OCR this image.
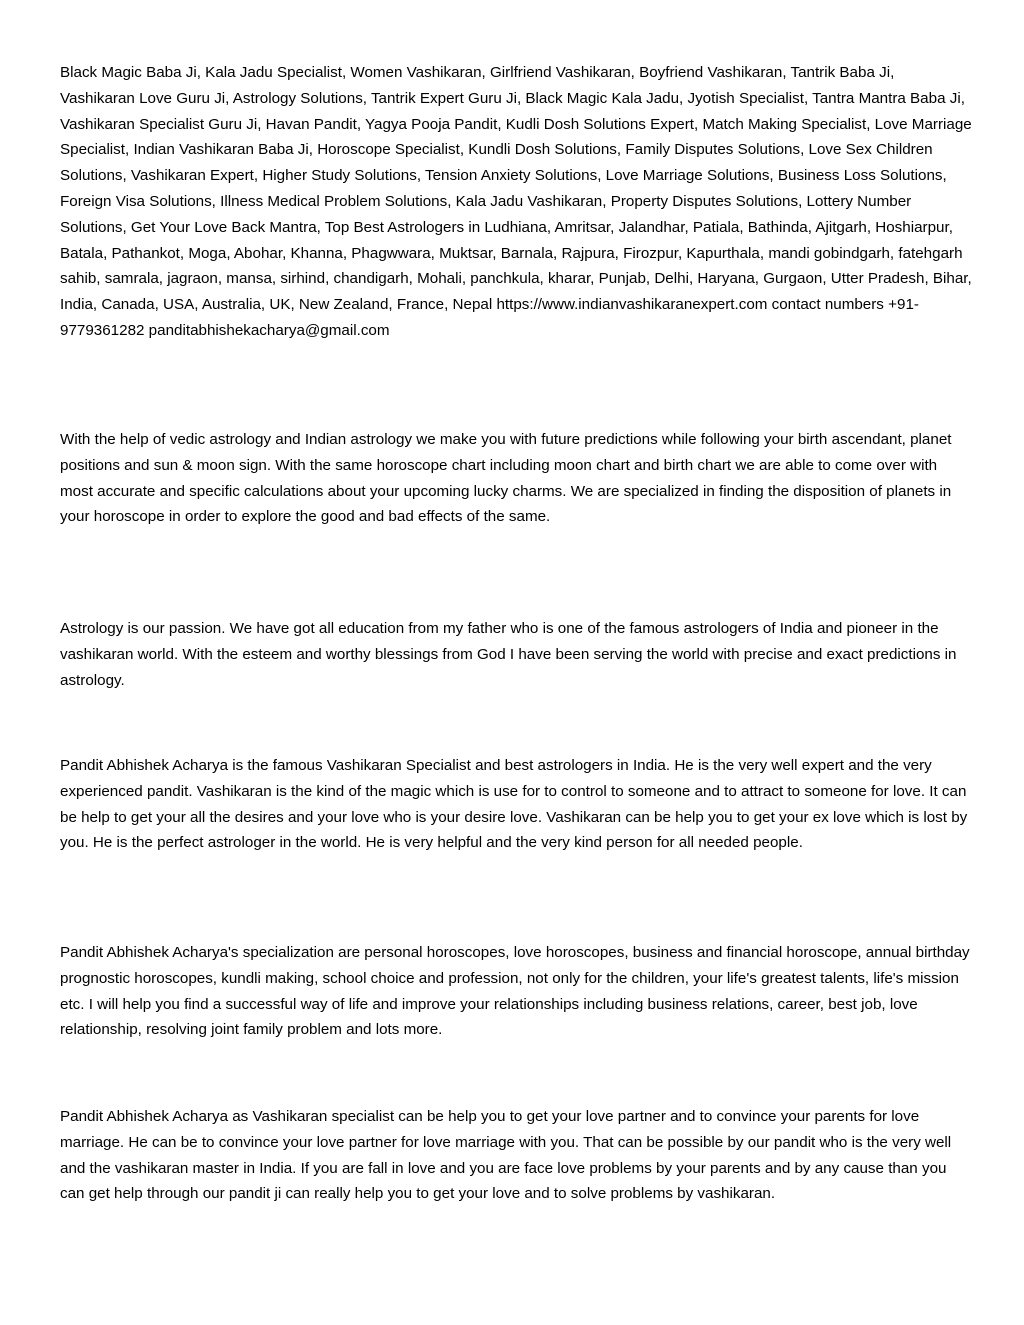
Black Magic Baba Ji, Kala Jadu Specialist, Women Vashikaran, Girlfriend Vashikaran, Boyfriend Vashikaran, Tantrik Baba Ji, Vashikaran Love Guru Ji, Astrology Solutions, Tantrik Expert Guru Ji, Black Magic Kala Jadu, Jyotish Specialist, Tantra Mantra Baba Ji, Vashikaran Specialist Guru Ji, Havan Pandit, Yagya Pooja Pandit, Kudli Dosh Solutions Expert, Match Making Specialist, Love Marriage Specialist, Indian Vashikaran Baba Ji, Horoscope Specialist, Kundli Dosh Solutions, Family Disputes Solutions, Love Sex Children Solutions, Vashikaran Expert, Higher Study Solutions, Tension Anxiety Solutions, Love Marriage Solutions, Business Loss Solutions, Foreign Visa Solutions, Illness Medical Problem Solutions, Kala Jadu Vashikaran, Property Disputes Solutions, Lottery Number Solutions, Get Your Love Back Mantra, Top Best Astrologers in Ludhiana, Amritsar, Jalandhar, Patiala, Bathinda, Ajitgarh, Hoshiarpur, Batala, Pathankot, Moga, Abohar, Khanna, Phagwwara, Muktsar, Barnala, Rajpura, Firozpur, Kapurthala, mandi gobindgarh, fatehgarh sahib, samrala, jagraon, mansa, sirhind, chandigarh, Mohali, panchkula, kharar, Punjab, Delhi, Haryana, Gurgaon, Utter Pradesh, Bihar, India, Canada, USA, Australia, UK, New Zealand, France, Nepal https://www.indianvashikaranexpert.com contact numbers +91-9779361282 panditabhishekacharya@gmail.com

With the help of vedic astrology and Indian astrology we make you with future predictions while following your birth ascendant, planet positions and sun & moon sign. With the same horoscope chart including moon chart and birth chart we are able to come over with most accurate and specific calculations about your upcoming lucky charms. We are specialized in finding the disposition of planets in your horoscope in order to explore the good and bad effects of the same.

Astrology is our passion. We have got all education from my father who is one of the famous astrologers of India and pioneer in the vashikaran world. With the esteem and worthy blessings from God I have been serving the world with precise and exact predictions in astrology.

Pandit Abhishek Acharya is the famous Vashikaran Specialist and best astrologers in India. He is the very well expert and the very experienced pandit. Vashikaran is the kind of the magic which is use for to control to someone and to attract to someone for love. It can be help to get your all the desires and your love who is your desire love. Vashikaran can be help you to get your ex love which is lost by you. He is the perfect astrologer in the world. He is very helpful and the very kind person for all needed people.

Pandit Abhishek Acharya's specialization are personal horoscopes, love horoscopes, business and financial horoscope, annual birthday prognostic horoscopes, kundli making, school choice and profession, not only for the children, your life's greatest talents, life's mission etc. I will help you find a successful way of life and improve your relationships including business relations, career, best job, love relationship, resolving joint family problem and lots more.

Pandit Abhishek Acharya as Vashikaran specialist can be help you to get your love partner and to convince your parents for love marriage. He can be to convince your love partner for love marriage with you. That can be possible by our pandit who is the very well and the vashikaran master in India. If you are fall in love and you are face love problems by your parents and by any cause than you can get help through our pandit ji can really help you to get your love and to solve problems by vashikaran.
